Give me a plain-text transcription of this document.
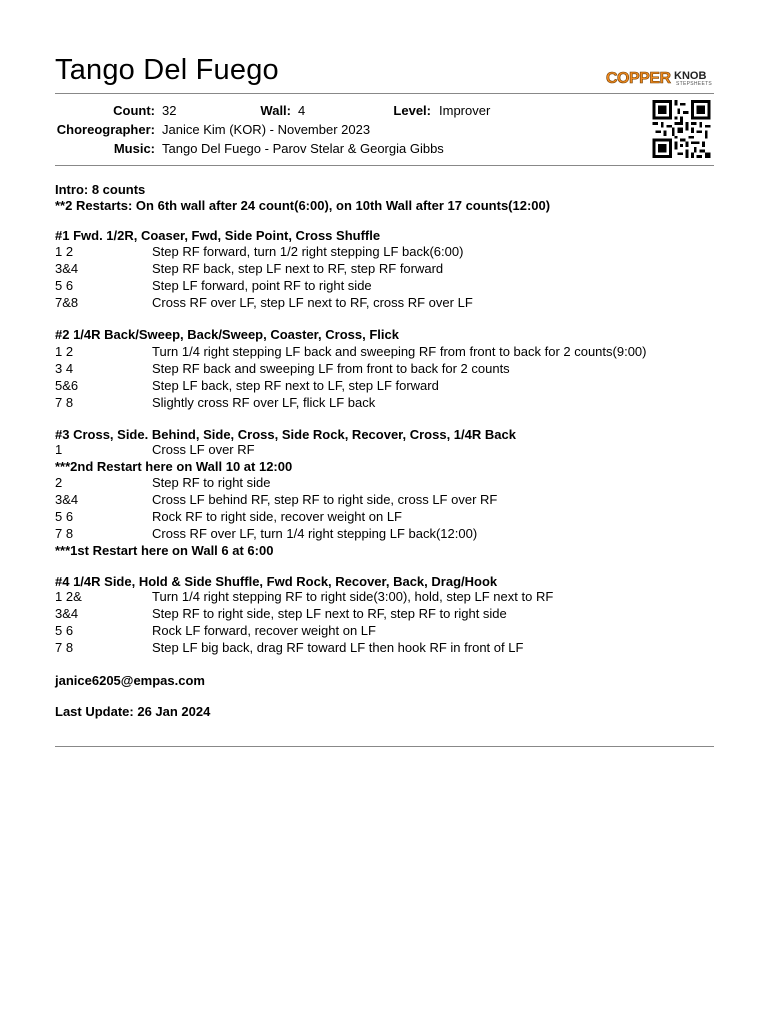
Tango Del Fuego	COPPER KNOB
STEPSHEETS
Count: 32	Wall: 4	Level: Improver
Choreographer: Janice Kim (KOR) - November 2023
Music: Tango Del Fuego - Parov Stelar & Georgia Gibbs
Intro: 8 counts
**2 Restarts: On 6th wall after 24 count(6:00), on 10th Wall after 17 counts(12:00)
#1 Fwd. 1/2R, Coaser, Fwd, Side Point, Cross Shuffle
1 2	Step RF forward, turn 1/2 right stepping LF back(6:00)
3&4	Step RF back, step LF next to RF, step RF forward
5 6	Step LF forward, point RF to right side
7&8	Cross RF over LF, step LF next to RF, cross RF over LF
#2 1/4R Back/Sweep, Back/Sweep, Coaster, Cross, Flick
1 2	Turn 1/4 right stepping LF back and sweeping RF from front to back for 2 counts(9:00)
3 4	Step RF back and sweeping LF from front to back for 2 counts
5&6	Step LF back, step RF next to LF, step LF forward
7 8	Slightly cross RF over LF, flick LF back
#3 Cross, Side. Behind, Side, Cross, Side Rock, Recover, Cross, 1/4R Back
1	Cross LF over RF
***2nd Restart here on Wall 10 at 12:00
2	Step RF to right side
3&4	Cross LF behind RF, step RF to right side, cross LF over RF
5 6	Rock RF to right side, recover weight on LF
7 8	Cross RF over LF, turn 1/4 right stepping LF back(12:00)
***1st Restart here on Wall 6 at 6:00
#4 1/4R Side, Hold & Side Shuffle, Fwd Rock, Recover, Back, Drag/Hook
1 2&	Turn 1/4 right stepping RF to right side(3:00), hold, step LF next to RF
3&4	Step RF to right side, step LF next to RF, step RF to right side
5 6	Rock LF forward, recover weight on LF
7 8	Step LF big back, drag RF toward LF then hook RF in front of LF
janice6205@empas.com
Last Update: 26 Jan 2024
